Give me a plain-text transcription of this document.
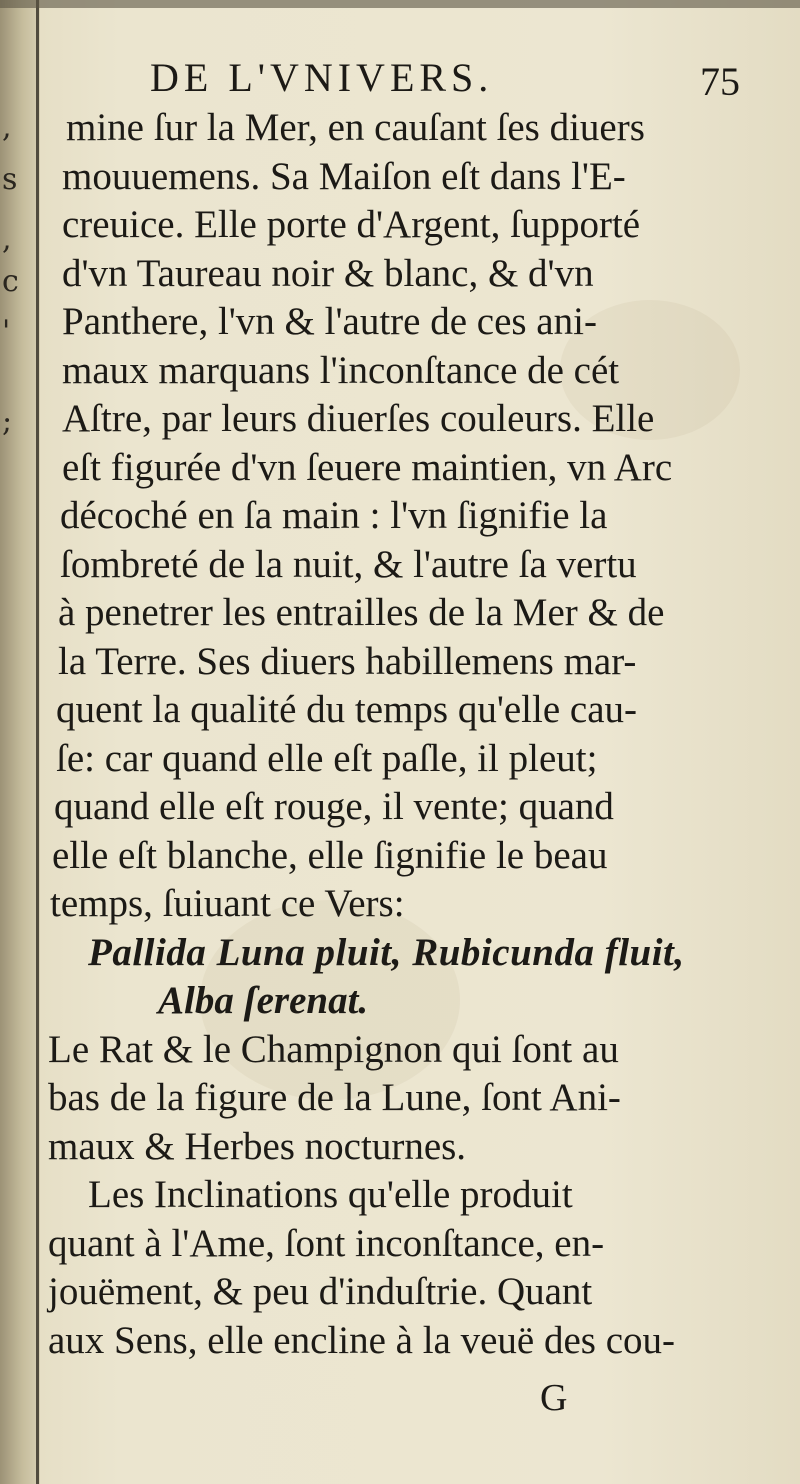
,
s
,
c
'
;
DE L'VNIVERS.	75
mine ſur la Mer, en cauſant ſes diuers
mouuemens. Sa Maiſon eſt dans l'E-
creuice. Elle porte d'Argent, ſupporté
d'vn Taureau noir & blanc, & d'vn
Panthere, l'vn & l'autre de ces ani-
maux marquans l'inconſtance de cét
Aſtre, par leurs diuerſes couleurs. Elle
eſt figurée d'vn ſeuere maintien, vn Arc
décoché en ſa main : l'vn ſignifie la
ſombreté de la nuit, & l'autre ſa vertu
à penetrer les entrailles de la Mer & de
la Terre. Ses diuers habillemens mar-
quent la qualité du temps qu'elle cau-
ſe: car quand elle eſt paſle, il pleut;
quand elle eſt rouge, il vente; quand
elle eſt blanche, elle ſignifie le beau
temps, ſuiuant ce Vers:
Pallida Luna pluit, Rubicunda fluit,
Alba ſerenat.
Le Rat & le Champignon qui ſont au
bas de la figure de la Lune, ſont Ani-
maux & Herbes nocturnes.
Les Inclinations qu'elle produit
quant à l'Ame, ſont inconſtance, en-
jouëment, & peu d'induſtrie. Quant
aux Sens, elle encline à la veuë des cou-
G
